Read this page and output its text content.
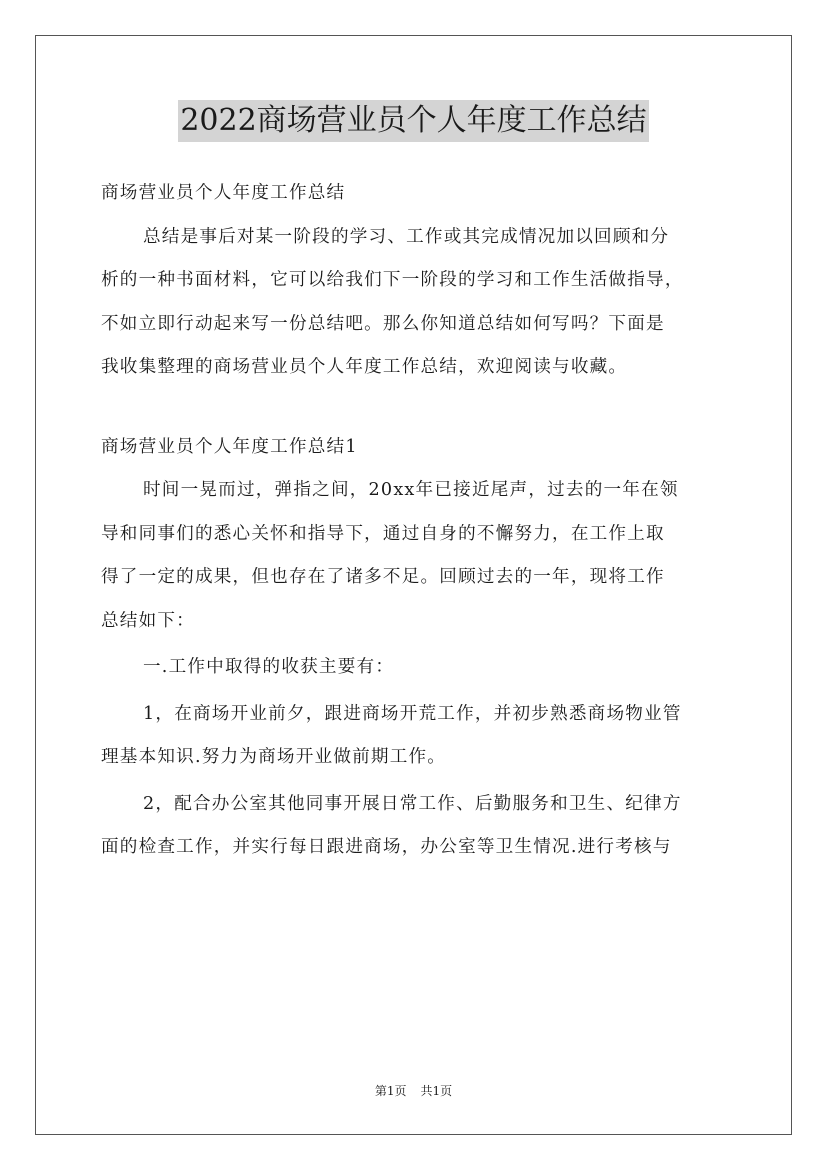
2022商场营业员个人年度工作总结
商场营业员个人年度工作总结
总结是事后对某一阶段的学习、工作或其完成情况加以回顾和分
析的一种书面材料，它可以给我们下一阶段的学习和工作生活做指导，
不如立即行动起来写一份总结吧。那么你知道总结如何写吗？下面是
我收集整理的商场营业员个人年度工作总结，欢迎阅读与收藏。
商场营业员个人年度工作总结1
时间一晃而过，弹指之间，20xx年已接近尾声，过去的一年在领
导和同事们的悉心关怀和指导下，通过自身的不懈努力，在工作上取
得了一定的成果，但也存在了诸多不足。回顾过去的一年，现将工作
总结如下：
一.工作中取得的收获主要有：
1，在商场开业前夕，跟进商场开荒工作，并初步熟悉商场物业管
理基本知识.努力为商场开业做前期工作。
2，配合办公室其他同事开展日常工作、后勤服务和卫生、纪律方
面的检查工作，并实行每日跟进商场，办公室等卫生情况.进行考核与
第1页 共1页
